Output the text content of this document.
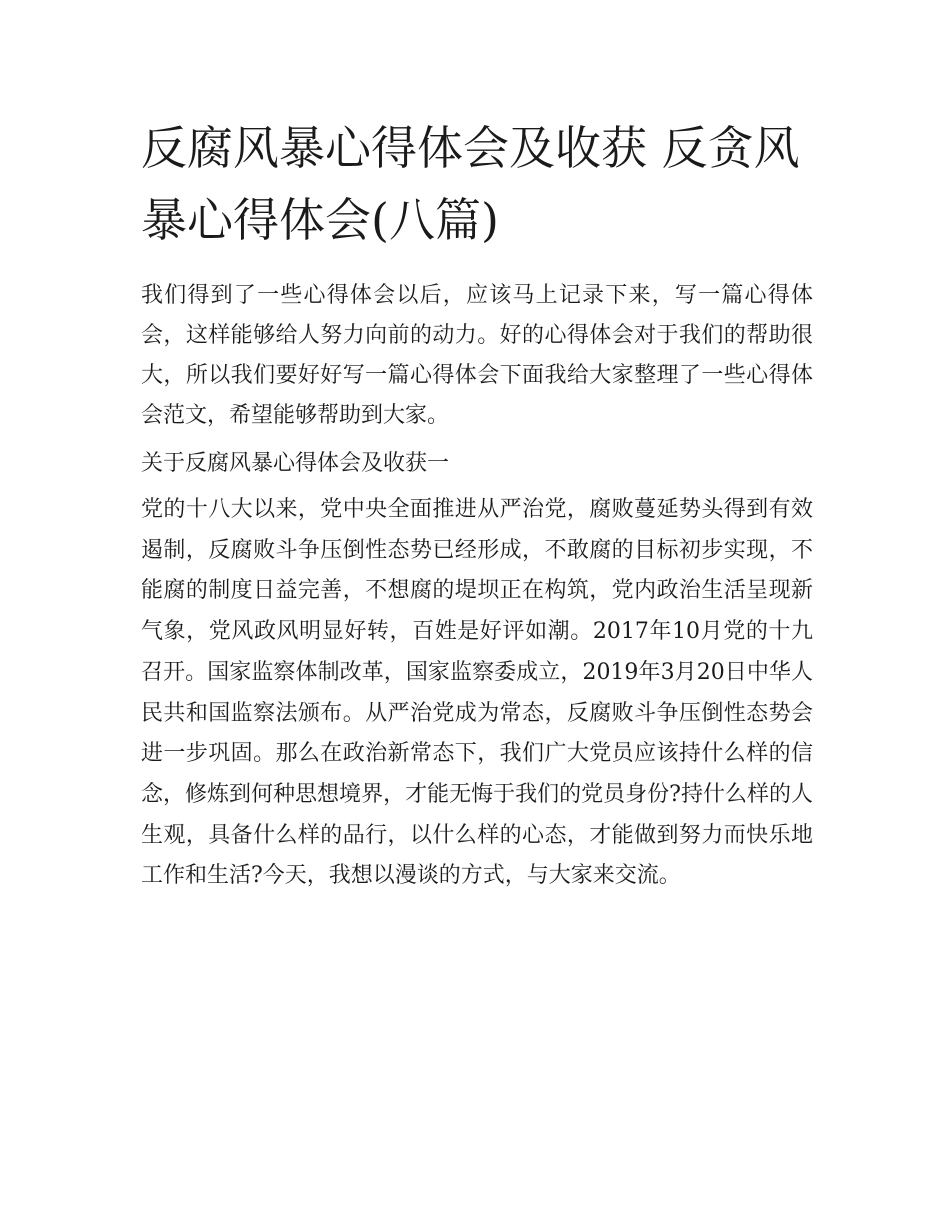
反腐风暴心得体会及收获 反贪风暴心得体会(八篇)

我们得到了一些心得体会以后，应该马上记录下来，写一篇心得体会，这样能够给人努力向前的动力。好的心得体会对于我们的帮助很大，所以我们要好好写一篇心得体会下面我给大家整理了一些心得体会范文，希望能够帮助到大家。

关于反腐风暴心得体会及收获一

党的十八大以来，党中央全面推进从严治党，腐败蔓延势头得到有效遏制，反腐败斗争压倒性态势已经形成，不敢腐的目标初步实现，不能腐的制度日益完善，不想腐的堤坝正在构筑，党内政治生活呈现新气象，党风政风明显好转，百姓是好评如潮。2017年10月党的十九召开。国家监察体制改革，国家监察委成立，2019年3月20日中华人民共和国监察法颁布。从严治党成为常态，反腐败斗争压倒性态势会进一步巩固。那么在政治新常态下，我们广大党员应该持什么样的信念，修炼到何种思想境界，才能无悔于我们的党员身份?持什么样的人生观，具备什么样的品行，以什么样的心态，才能做到努力而快乐地工作和生活?今天，我想以漫谈的方式，与大家来交流。
